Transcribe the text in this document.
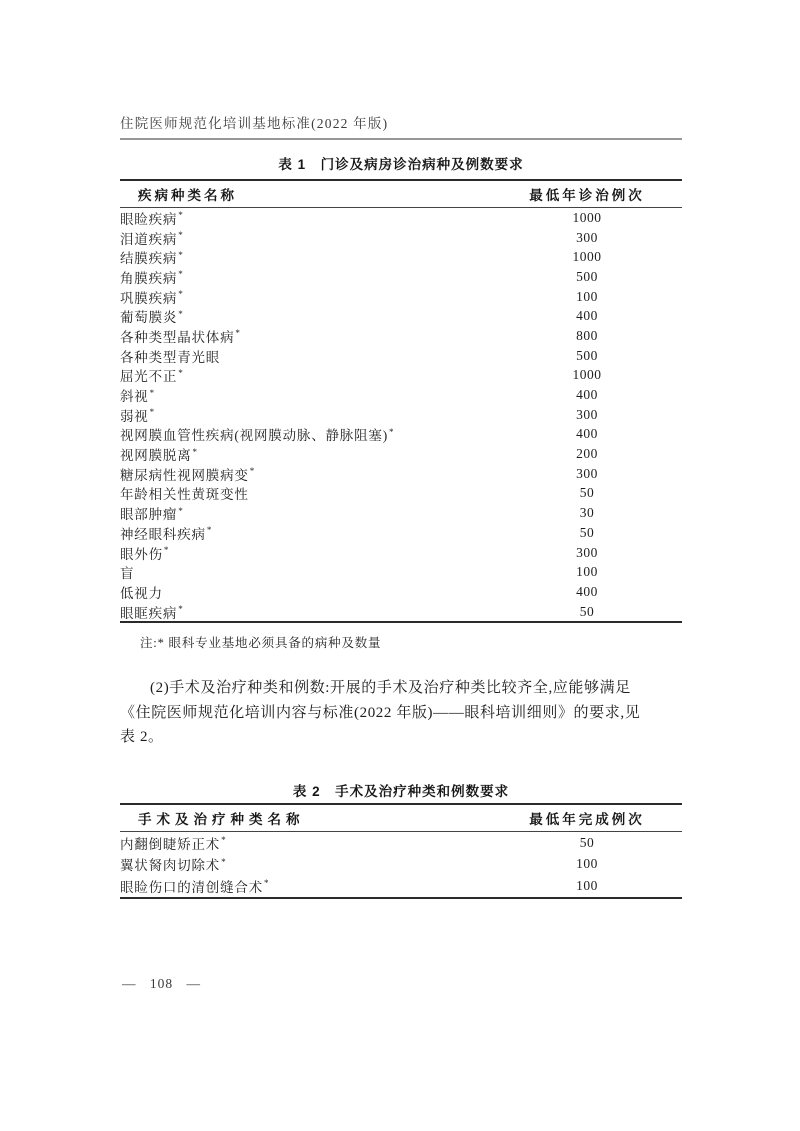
住院医师规范化培训基地标准(2022 年版)
表 1　门诊及病房诊治病种及例数要求
疾病种类名称	最低年诊治例次
眼睑疾病*	1000
泪道疾病*	300
结膜疾病*	1000
角膜疾病*	500
巩膜疾病*	100
葡萄膜炎*	400
各种类型晶状体病*	800
各种类型青光眼	500
屈光不正*	1000
斜视*	400
弱视*	300
视网膜血管性疾病(视网膜动脉、静脉阻塞)*	400
视网膜脱离*	200
糖尿病性视网膜病变*	300
年龄相关性黄斑变性	50
眼部肿瘤*	30
神经眼科疾病*	50
眼外伤*	300
盲	100
低视力	400
眼眶疾病*	50
注:* 眼科专业基地必须具备的病种及数量
(2)手术及治疗种类和例数:开展的手术及治疗种类比较齐全,应能够满足
《住院医师规范化培训内容与标准(2022 年版)——眼科培训细则》的要求,见
表 2。
表 2　手术及治疗种类和例数要求
手术及治疗种类名称	最低年完成例次
内翻倒睫矫正术*	50
翼状胬肉切除术*	100
眼睑伤口的清创缝合术*	100
— 108 —
